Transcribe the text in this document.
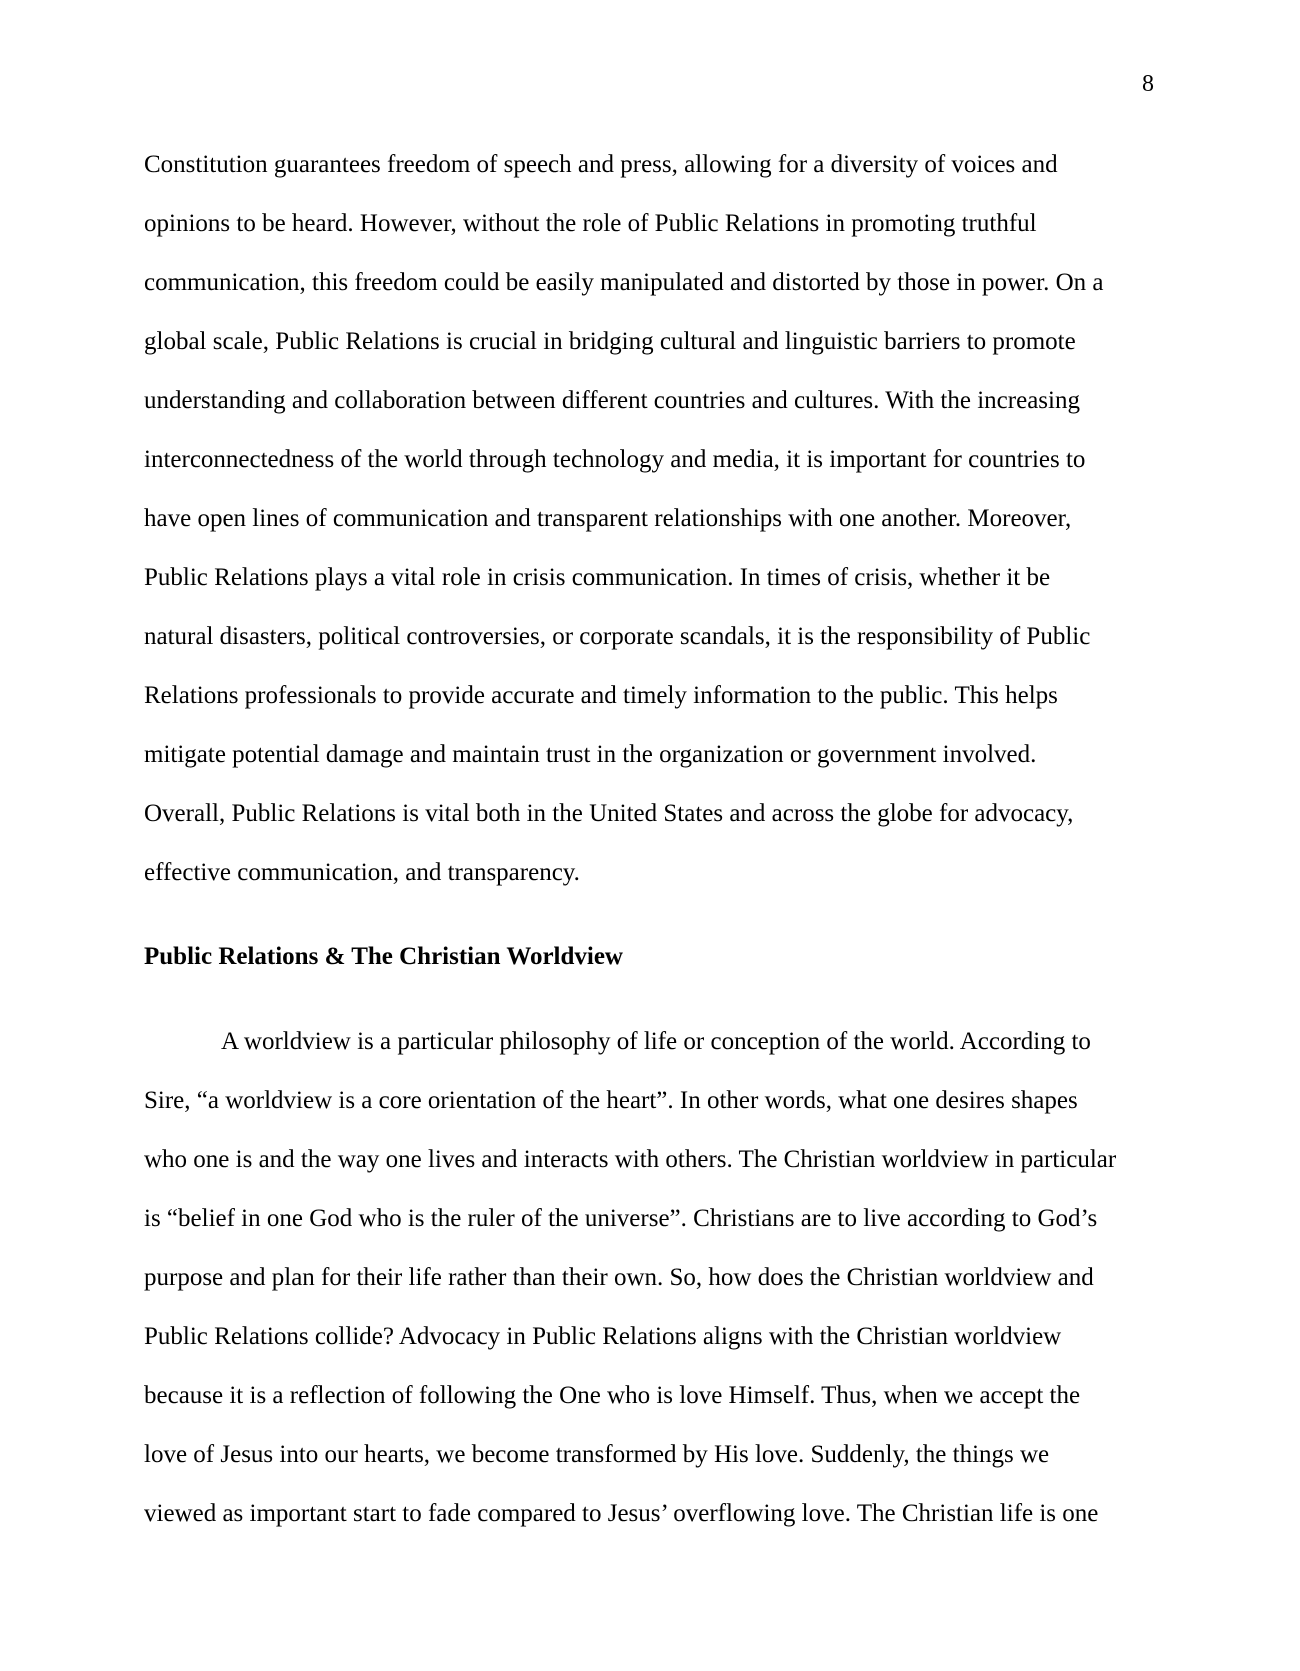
8
Constitution guarantees freedom of speech and press, allowing for a diversity of voices and
opinions to be heard. However, without the role of Public Relations in promoting truthful
communication, this freedom could be easily manipulated and distorted by those in power. On a
global scale, Public Relations is crucial in bridging cultural and linguistic barriers to promote
understanding and collaboration between different countries and cultures. With the increasing
interconnectedness of the world through technology and media, it is important for countries to
have open lines of communication and transparent relationships with one another. Moreover,
Public Relations plays a vital role in crisis communication. In times of crisis, whether it be
natural disasters, political controversies, or corporate scandals, it is the responsibility of Public
Relations professionals to provide accurate and timely information to the public. This helps
mitigate potential damage and maintain trust in the organization or government involved.
Overall, Public Relations is vital both in the United States and across the globe for advocacy,
effective communication, and transparency.
Public Relations & The Christian Worldview
A worldview is a particular philosophy of life or conception of the world. According to
Sire, “a worldview is a core orientation of the heart”. In other words, what one desires shapes
who one is and the way one lives and interacts with others. The Christian worldview in particular
is “belief in one God who is the ruler of the universe”. Christians are to live according to God’s
purpose and plan for their life rather than their own. So, how does the Christian worldview and
Public Relations collide? Advocacy in Public Relations aligns with the Christian worldview
because it is a reflection of following the One who is love Himself. Thus, when we accept the
love of Jesus into our hearts, we become transformed by His love. Suddenly, the things we
viewed as important start to fade compared to Jesus’ overflowing love. The Christian life is one
